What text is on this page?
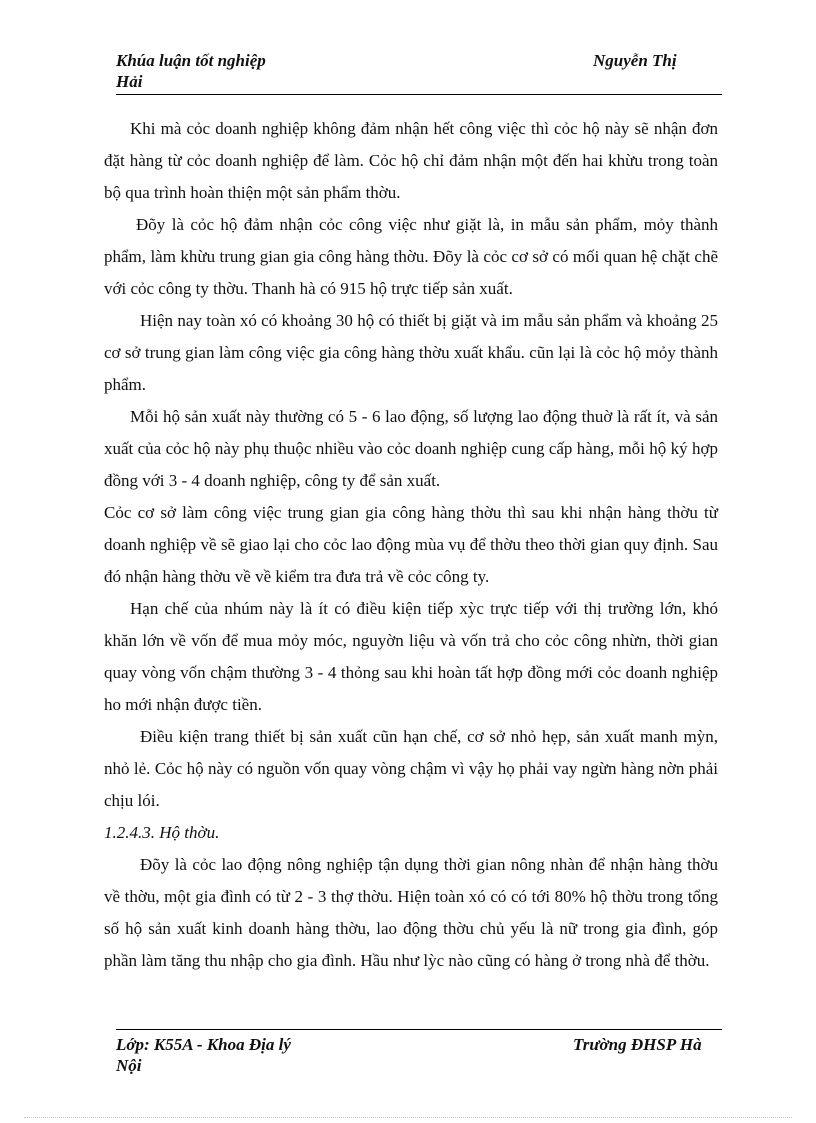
Khúa luận tốt nghiệp
Hải
Nguyễn Thị

Khi mà cỏc doanh nghiệp không đảm nhận hết công việc thì cỏc hộ này sẽ nhận đơn đặt hàng từ cỏc doanh nghiệp để làm. Cỏc hộ chỉ đảm nhận một đến hai khừu trong toàn bộ qua trình hoàn thiện một sản phẩm thờu.

Đõy là cỏc hộ đảm nhận cỏc công việc như giặt là, in mẫu sản phẩm, mỏy thành phẩm, làm khừu trung gian gia công hàng thờu. Đõy là cỏc cơ sở có mối quan hệ chặt chẽ với cỏc công ty thờu. Thanh hà có 915 hộ trực tiếp sản xuất.

Hiện nay toàn xó có khoảng 30 hộ có thiết bị giặt và im mẫu sản phẩm và khoảng 25 cơ sở trung gian làm công việc gia công hàng thờu xuất khẩu. cũn lại là cỏc hộ mỏy thành phẩm.

Mỗi hộ sản xuất này thường có 5 - 6 lao động, số lượng lao động thuờ là rất ít, và sản xuất của cỏc hộ này phụ thuộc nhiều vào cỏc doanh nghiệp cung cấp hàng, mỗi hộ ký hợp đồng với 3 - 4 doanh nghiệp, công ty để sản xuất.

Cỏc cơ sở làm công việc trung gian gia công hàng thờu thì sau khi nhận hàng thờu từ doanh nghiệp về sẽ giao lại cho cỏc lao động mùa vụ để thờu theo thời gian quy định. Sau đó nhận hàng thờu về về kiểm tra đưa trả về cỏc công ty.

Hạn chế của nhúm này là ít có điều kiện tiếp xỳc trực tiếp với thị trường lớn, khó khăn lớn về vốn để mua mỏy móc, nguyờn liệu và vốn trả cho cỏc công nhừn, thời gian quay vòng vốn chậm thường 3 - 4 thỏng sau khi hoàn tất hợp đồng mới cỏc doanh nghiệp ho mới nhận được tiền.

Điều kiện trang thiết bị sản xuất cũn hạn chế, cơ sở nhỏ hẹp, sản xuất manh mỳn, nhỏ lẻ. Cỏc hộ này có nguồn vốn quay vòng chậm vì vậy họ phải vay ngừn hàng nờn phải chịu lói.

1.2.4.3. Hộ thờu.

Đõy là cỏc lao động nông nghiệp tận dụng thời gian nông nhàn để nhận hàng thờu về thờu, một gia đình có từ 2 - 3 thợ thờu. Hiện toàn xó có có tới 80% hộ thờu trong tổng số hộ sản xuất kinh doanh hàng thờu, lao động thờu chủ yếu là nữ trong gia đình, góp phần làm tăng thu nhập cho gia đình. Hầu như lỳc nào cũng có hàng ở trong nhà để thờu.

Lớp: K55A - Khoa Địa lý
Nội
Trường ĐHSP Hà
